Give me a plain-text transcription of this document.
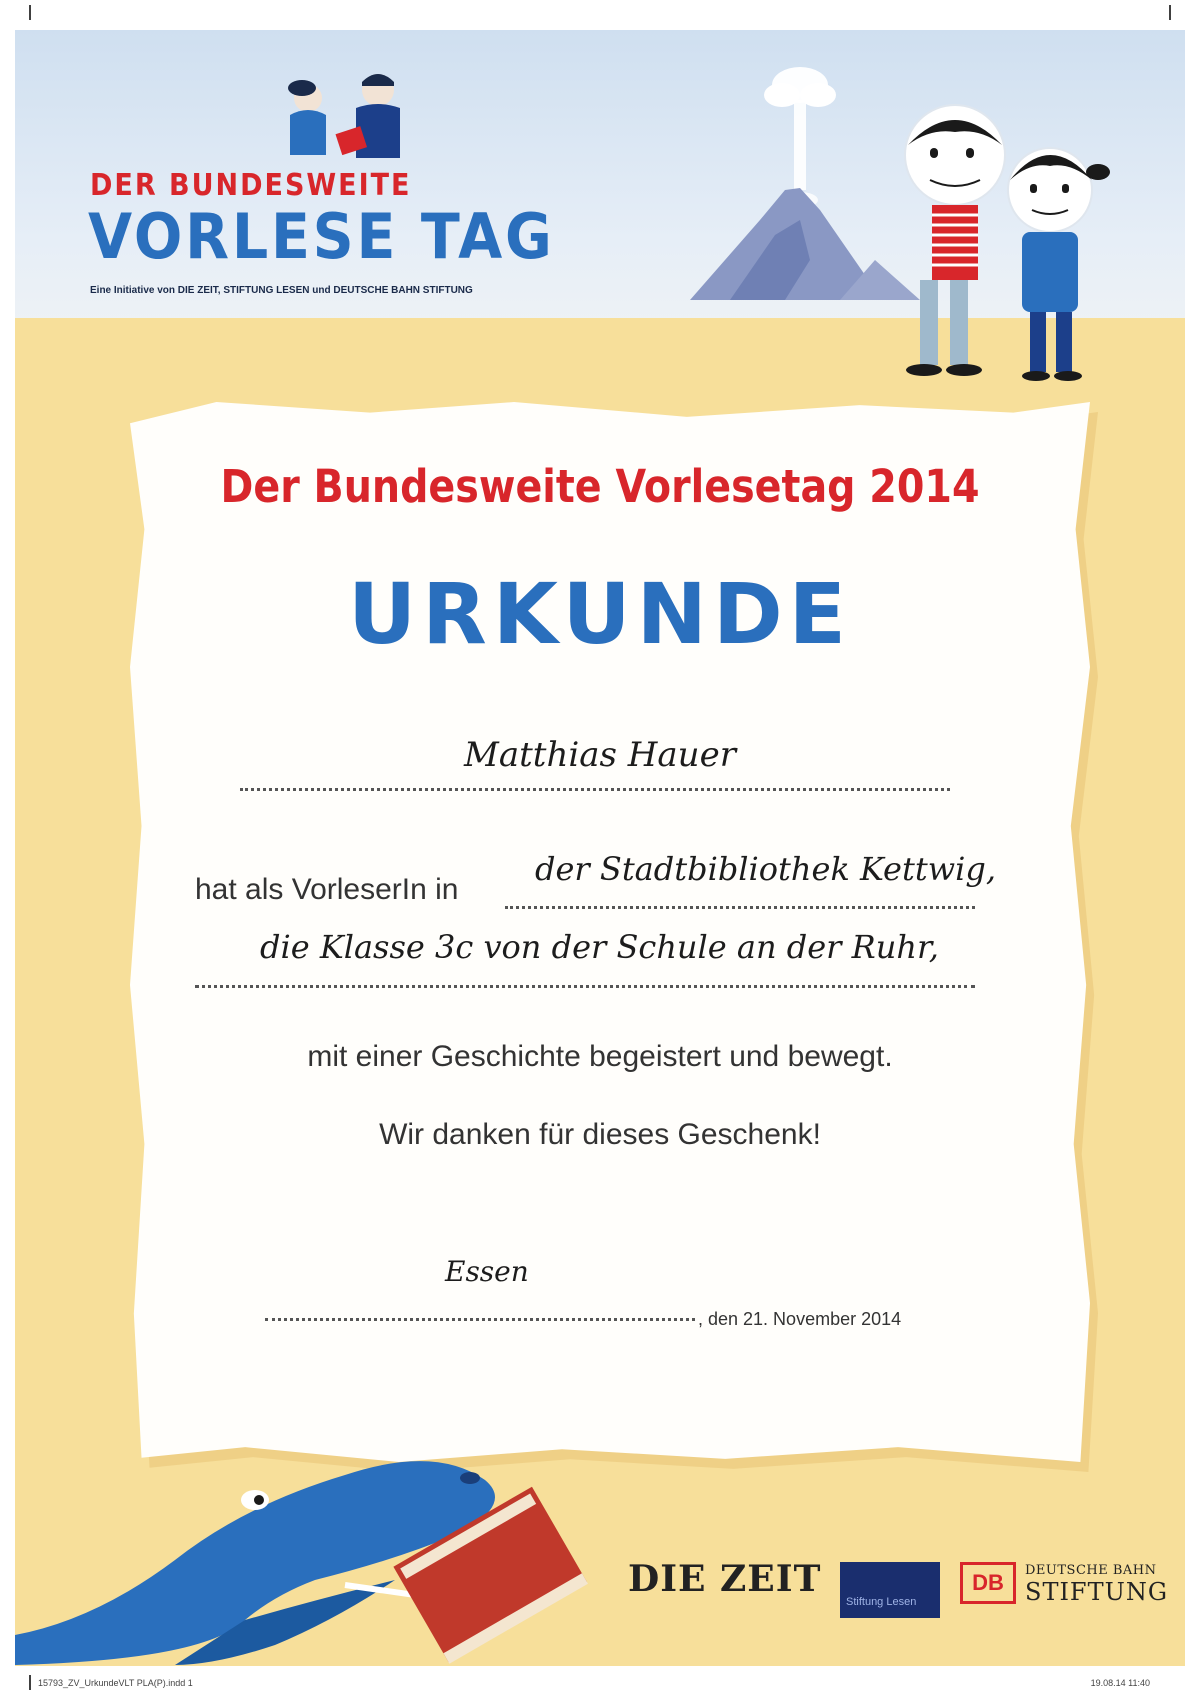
DER BUNDESWEITE
VORLESE TAG
Eine Initiative von DIE ZEIT, STIFTUNG LESEN und DEUTSCHE BAHN STIFTUNG
Der Bundesweite Vorlesetag 2014
URKUNDE
Matthias Hauer
hat als VorleserIn in
der Stadtbibliothek Kettwig,
die Klasse 3c von der Schule an der Ruhr,
mit einer Geschichte begeistert und bewegt.
Wir danken für dieses Geschenk!
Essen
, den 21. November 2014
DIE ZEIT
Stiftung Lesen
DB	DEUTSCHE BAHN
STIFTUNG
15793_ZV_UrkundeVLT PLA(P).indd 1	19.08.14 11:40
